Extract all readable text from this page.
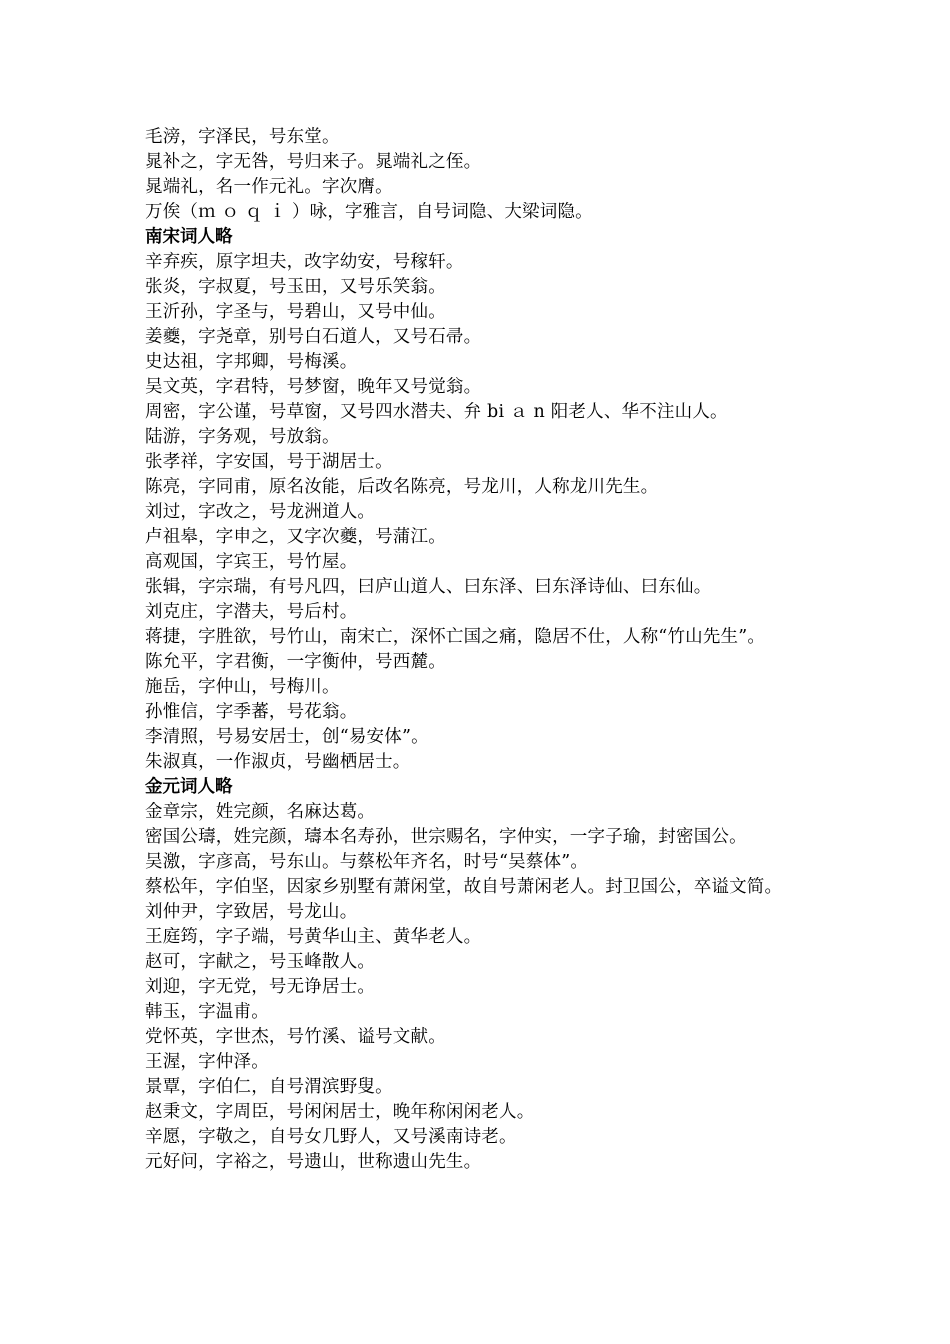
毛滂，字泽民，号东堂。
晁补之，字无咎，号归来子。晁端礼之侄。
晁端礼，名一作元礼。字次膺。
万俟（ｍ ｏ ｑ ｉ ）咏，字雅言，自号词隐、大梁词隐。
南宋词人略
辛弃疾，原字坦夫，改字幼安，号稼轩。
张炎，字叔夏，号玉田，又号乐笑翁。
王沂孙，字圣与，号碧山，又号中仙。
姜夔，字尧章，别号白石道人，又号石帚。
史达祖，字邦卿，号梅溪。
吴文英，字君特，号梦窗，晚年又号觉翁。
周密，字公谨，号草窗，又号四水潜夫、弁 bi ａ n 阳老人、华不注山人。
陆游，字务观，号放翁。
张孝祥，字安国，号于湖居士。
陈亮，字同甫，原名汝能，后改名陈亮，号龙川，人称龙川先生。
刘过，字改之，号龙洲道人。
卢祖皋，字申之，又字次夔，号蒲江。
高观国，字宾王，号竹屋。
张辑，字宗瑞，有号凡四，曰庐山道人、曰东泽、曰东泽诗仙、曰东仙。
刘克庄，字潜夫，号后村。
蒋捷，字胜欲，号竹山，南宋亡，深怀亡国之痛，隐居不仕，人称“竹山先生”。
陈允平，字君衡，一字衡仲，号西麓。
施岳，字仲山，号梅川。
孙惟信，字季蕃，号花翁。
李清照，号易安居士，创“易安体”。
朱淑真，一作淑贞，号幽栖居士。
金元词人略
金章宗，姓完颜，名麻达葛。
密国公璹，姓完颜，璹本名寿孙，世宗赐名，字仲实，一字子瑜，封密国公。
吴激，字彦高，号东山。与蔡松年齐名，时号“吴蔡体”。
蔡松年，字伯坚，因家乡别墅有萧闲堂，故自号萧闲老人。封卫国公，卒谥文简。
刘仲尹，字致居，号龙山。
王庭筠，字子端，号黄华山主、黄华老人。
赵可，字献之，号玉峰散人。
刘迎，字无党，号无诤居士。
韩玉，字温甫。
党怀英，字世杰，号竹溪、谥号文献。
王渥，字仲泽。
景覃，字伯仁，自号渭滨野叟。
赵秉文，字周臣，号闲闲居士，晚年称闲闲老人。
辛愿，字敬之，自号女几野人，又号溪南诗老。
元好问，字裕之，号遗山，世称遗山先生。
